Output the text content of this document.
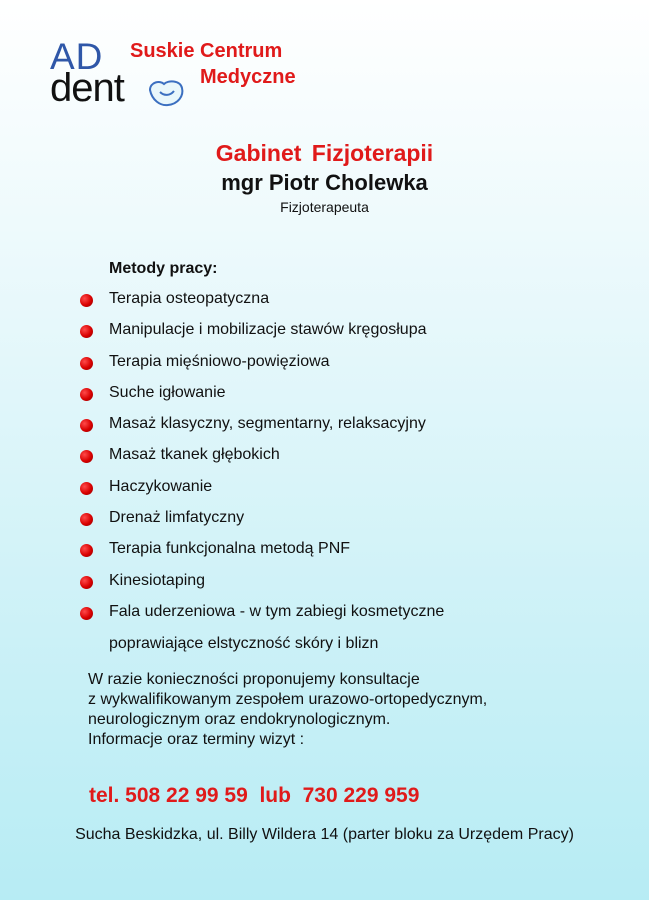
AD
dent
Suskie Centrum
Medyczne
Gabinet Fizjoterapii
mgr Piotr Cholewka
Fizjoterapeuta
Metody pracy:
Terapia osteopatyczna
Manipulacje i mobilizacje stawów kręgosłupa
Terapia mięśniowo-powięziowa
Suche igłowanie
Masaż klasyczny, segmentarny, relaksacyjny
Masaż tkanek głębokich
Haczykowanie
Drenaż limfatyczny
Terapia funkcjonalna metodą PNF
Kinesiotaping
Fala uderzeniowa - w tym zabiegi kosmetyczne
poprawiające elstyczność skóry i blizn
W razie konieczności proponujemy konsultacje
z wykwalifikowanym zespołem urazowo-ortopedycznym,
neurologicznym oraz endokrynologicznym.
Informacje oraz terminy wizyt :
tel. 508 22 99 59  lub  730 229 959
Sucha Beskidzka, ul. Billy Wildera 14 (parter bloku za Urzędem Pracy)
